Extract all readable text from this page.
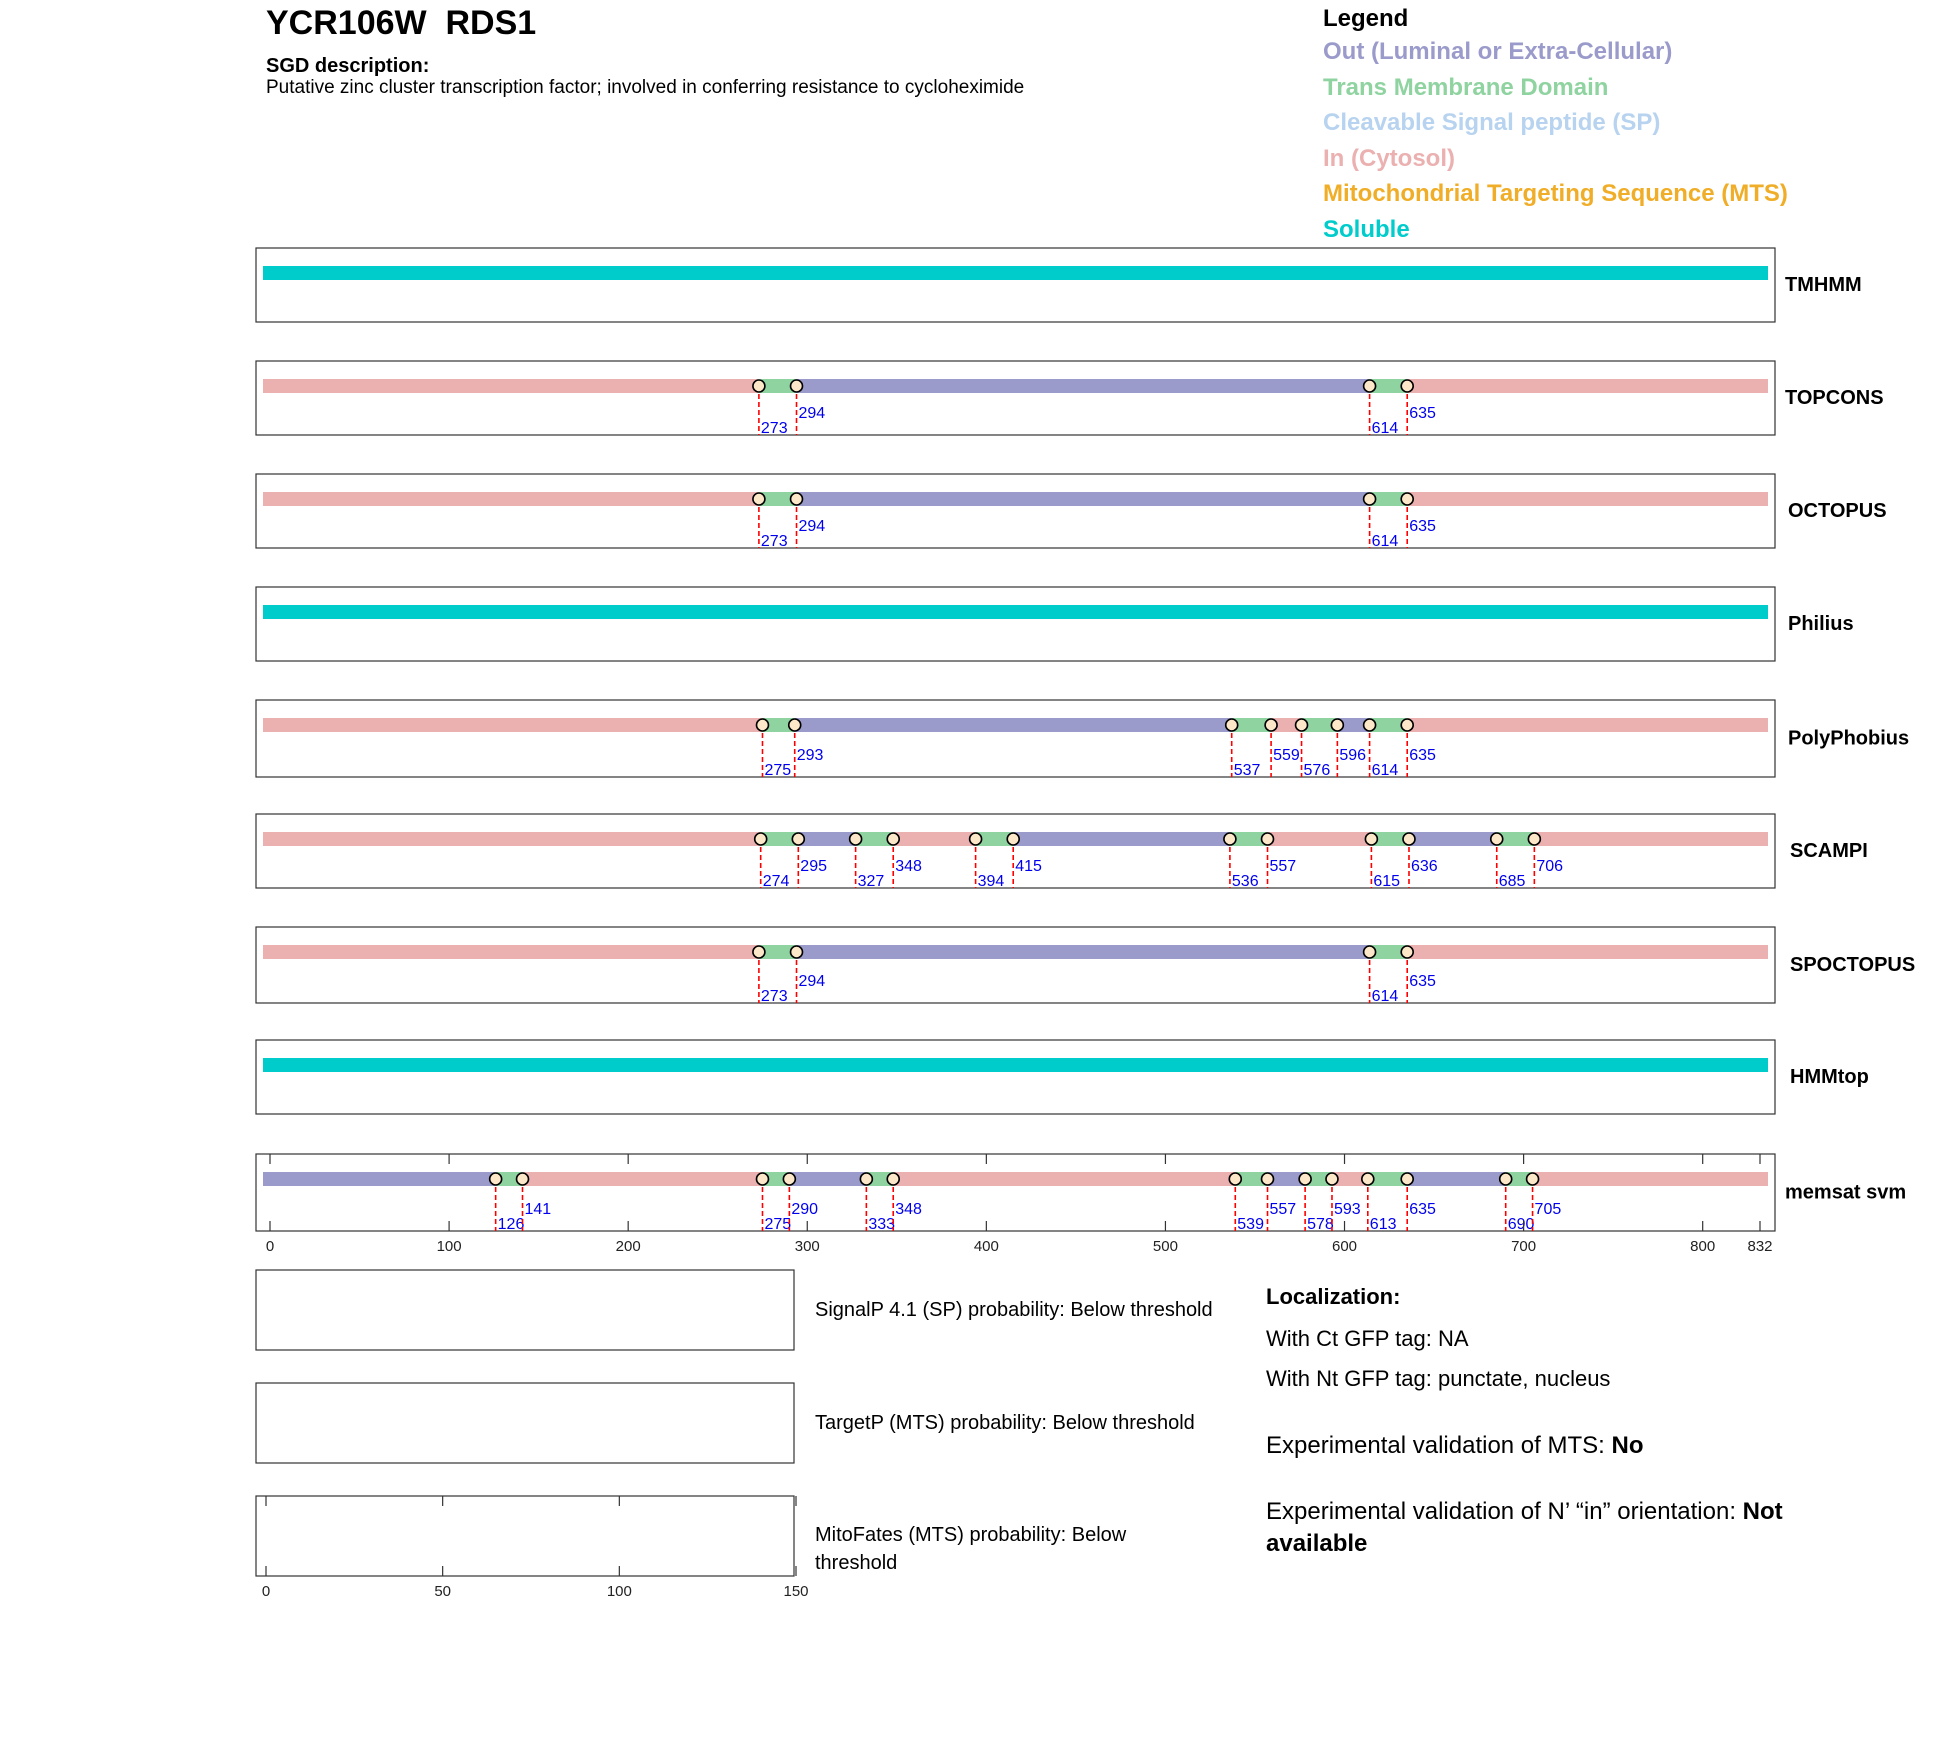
YCR106W  RDS1
SGD description:
Putative zinc cluster transcription factor; involved in conferring resistance to cycloheximide
Legend
Out (Luminal or Extra-Cellular)
Trans Membrane Domain
Cleavable Signal peptide (SP)
In (Cytosol)
Mitochondrial Targeting Sequence (MTS)
Soluble
TMHMM
273
294
614
635
TOPCONS
273
294
614
635
OCTOPUS
Philius
275
293
537
559
576
596
614
635
PolyPhobius
274
295
327
348
394
415
536
557
615
636
685
706
SCAMPI
273
294
614
635
SPOCTOPUS
HMMtop
126
141
275
290
333
348
539
557
578
593
613
635
690
705
memsat svm
0	100	200	300	400	500	600	700	800 832
0	50	100	150
SignalP 4.1 (SP) probability: Below threshold
TargetP (MTS) probability: Below threshold
MitoFates (MTS) probability: Below threshold
Localization:
With Ct GFP tag: NA
With Nt GFP tag: punctate, nucleus
Experimental validation of MTS: No
Experimental validation of N’ “in” orientation: Not available
